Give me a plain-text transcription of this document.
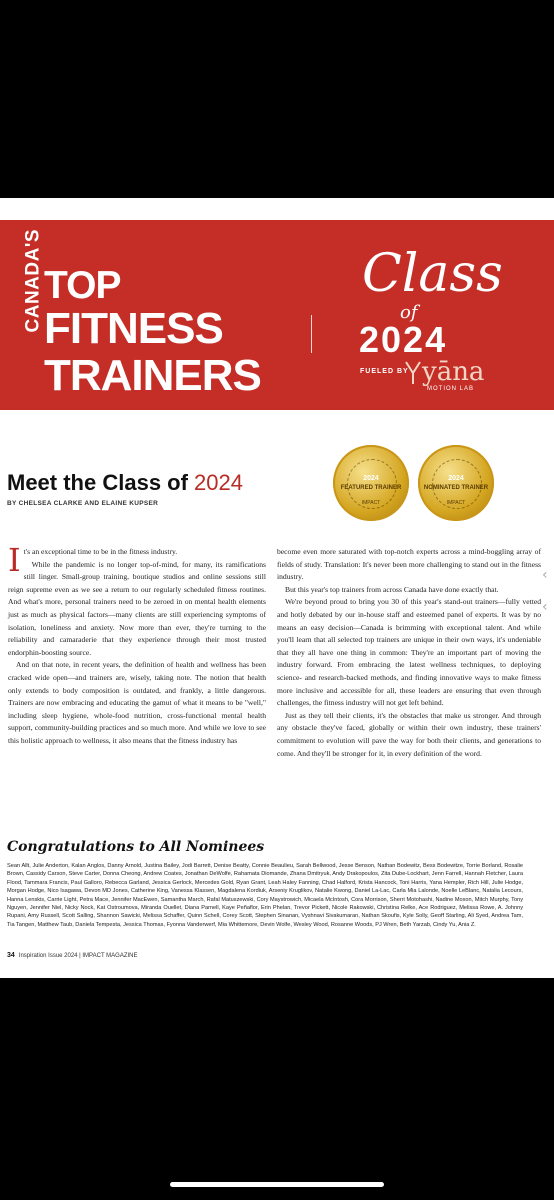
CANADA'S TOP
FITNESS
TRAINERS
Class
of
2024
FUELED BY yāna
MOTION LAB
2024
FEATURED TRAINER
IMPACT
2024
NOMINATED TRAINER
IMPACT
Meet the Class of 2024
BY CHELSEA CLARKE AND ELAINE KUPSER

It's an exceptional time to be in the fitness industry.

While the pandemic is no longer top-of-mind, for many, its ramifications still linger. Small-group training, boutique studios and online sessions still reign supreme even as we see a return to our regularly scheduled fitness routines. And what's more, personal trainers need to be zeroed in on mental health elements just as much as physical factors—many clients are still experiencing symptoms of isolation, loneliness and anxiety. Now more than ever, they're turning to the reliability and camaraderie that they experience through their most trusted endorphin-boosting source.

And on that note, in recent years, the definition of health and wellness has been cracked wide open—and trainers are, wisely, taking note. The notion that health only extends to body composition is outdated, and frankly, a little dangerous. Trainers are now embracing and educating the gamut of what it means to be "well," including sleep hygiene, whole-food nutrition, cross-functional mental health support, community-building practices and so much more. And while we love to see this holistic approach to wellness, it also means that the fitness industry has

become even more saturated with top-notch experts across a mind-boggling array of fields of study. Translation: It's never been more challenging to stand out in the fitness industry.

But this year's top trainers from across Canada have done exactly that.

We're beyond proud to bring you 30 of this year's stand-out trainers—fully vetted and hotly debated by our in-house staff and esteemed panel of experts. It was by no means an easy decision—Canada is brimming with exceptional talent. And while you'll learn that all selected top trainers are unique in their own ways, it's undeniable that they all have one thing in common: They're an important part of moving the industry forward. From embracing the latest wellness techniques, to deploying science- and research-backed methods, and finding innovative ways to make fitness more inclusive and accessible for all, these leaders are ensuring that even through challenges, the fitness industry will not get left behind.

Just as they tell their clients, it's the obstacles that make us stronger. And through any obstacle they've faced, globally or within their own industry, these trainers' commitment to evolution will pave the way for both their clients, and generations to come. And they'll be stronger for it, in every definition of the word.

Congratulations to All Nominees
Sean Allt, Julie Anderton, Kalan Anglos, Danny Arnold, Justina Bailey, Jodi Barrett, Denise Beatty, Connie Beaulieu, Sarah Bellwood, Jesse Benson, Nathan Bodewitz, Bess Bodewitze, Torrie Borland, Rosalie Brown, Cassidy Carson, Steve Carter, Donna Cheong, Andrew Coates, Jonathan DeWolfe, Rahamata Diomande, Zhana Dmitryuk, Andy Drakopoulos, Zita Dube-Lockhart, Jenn Farrell, Hannah Fletcher, Laura Flood, Tammara Francis, Paul Galloro, Rebecca Garland, Jessica Gerlock, Mercedes Gold, Ryan Grant, Leah Haley Fanning, Chad Halford, Krista Hancock, Toni Harris, Yana Hempler, Rich Hill, Julie Hodge, Morgan Hodge, Nico Isagawa, Devon MD Jones, Catherine King, Vanessa Klassen, Magdalena Kordiuk, Arseniy Kruglikov, Natalie Kwong, Daniel La-Lac, Carla Mia Lalonde, Noelle LeBlanc, Natalia Lecours, Hanna Lenskis, Carrie Light, Petra Mace, Jennifer MacEwen, Samantha March, Rafal Matuszewski, Cory Maystrowich, Micaela McIntosh, Cora Morrison, Sherri Motohashi, Nadine Moxon, Mitch Murphy, Tony Nguyen, Jennifer Niel, Nicky Nock, Kat Ostroumova, Miranda Ouellet, Diana Parnell, Kaye Peñaflor, Erin Phelan, Trevor Pickett, Nicole Rakowski, Christina Relke, Ace Rodriguez, Melissa Rowe, A. Johnny Rupani, Amy Russell, Scott Salling, Shannon Sawicki, Melissa Schaffer, Quinn Schell, Corey Scott, Stephen Sinanan, Vyshnavi Sivakumaran, Nathan Skoufis, Kyle Solly, Geoff Starling, Ali Syed, Andrea Tam, Tia Tangen, Matthew Taub, Daniela Tempesta, Jessica Thomas, Fyonna Vanderwerf, Mia Whittemore, Devin Wolfe, Wesley Wood, Rosanne Woods, PJ Wren, Beth Yarzab, Cindy Yu, Ania Z.
34 Inspiration Issue 2024 | IMPACT MAGAZINE
‹
‹
